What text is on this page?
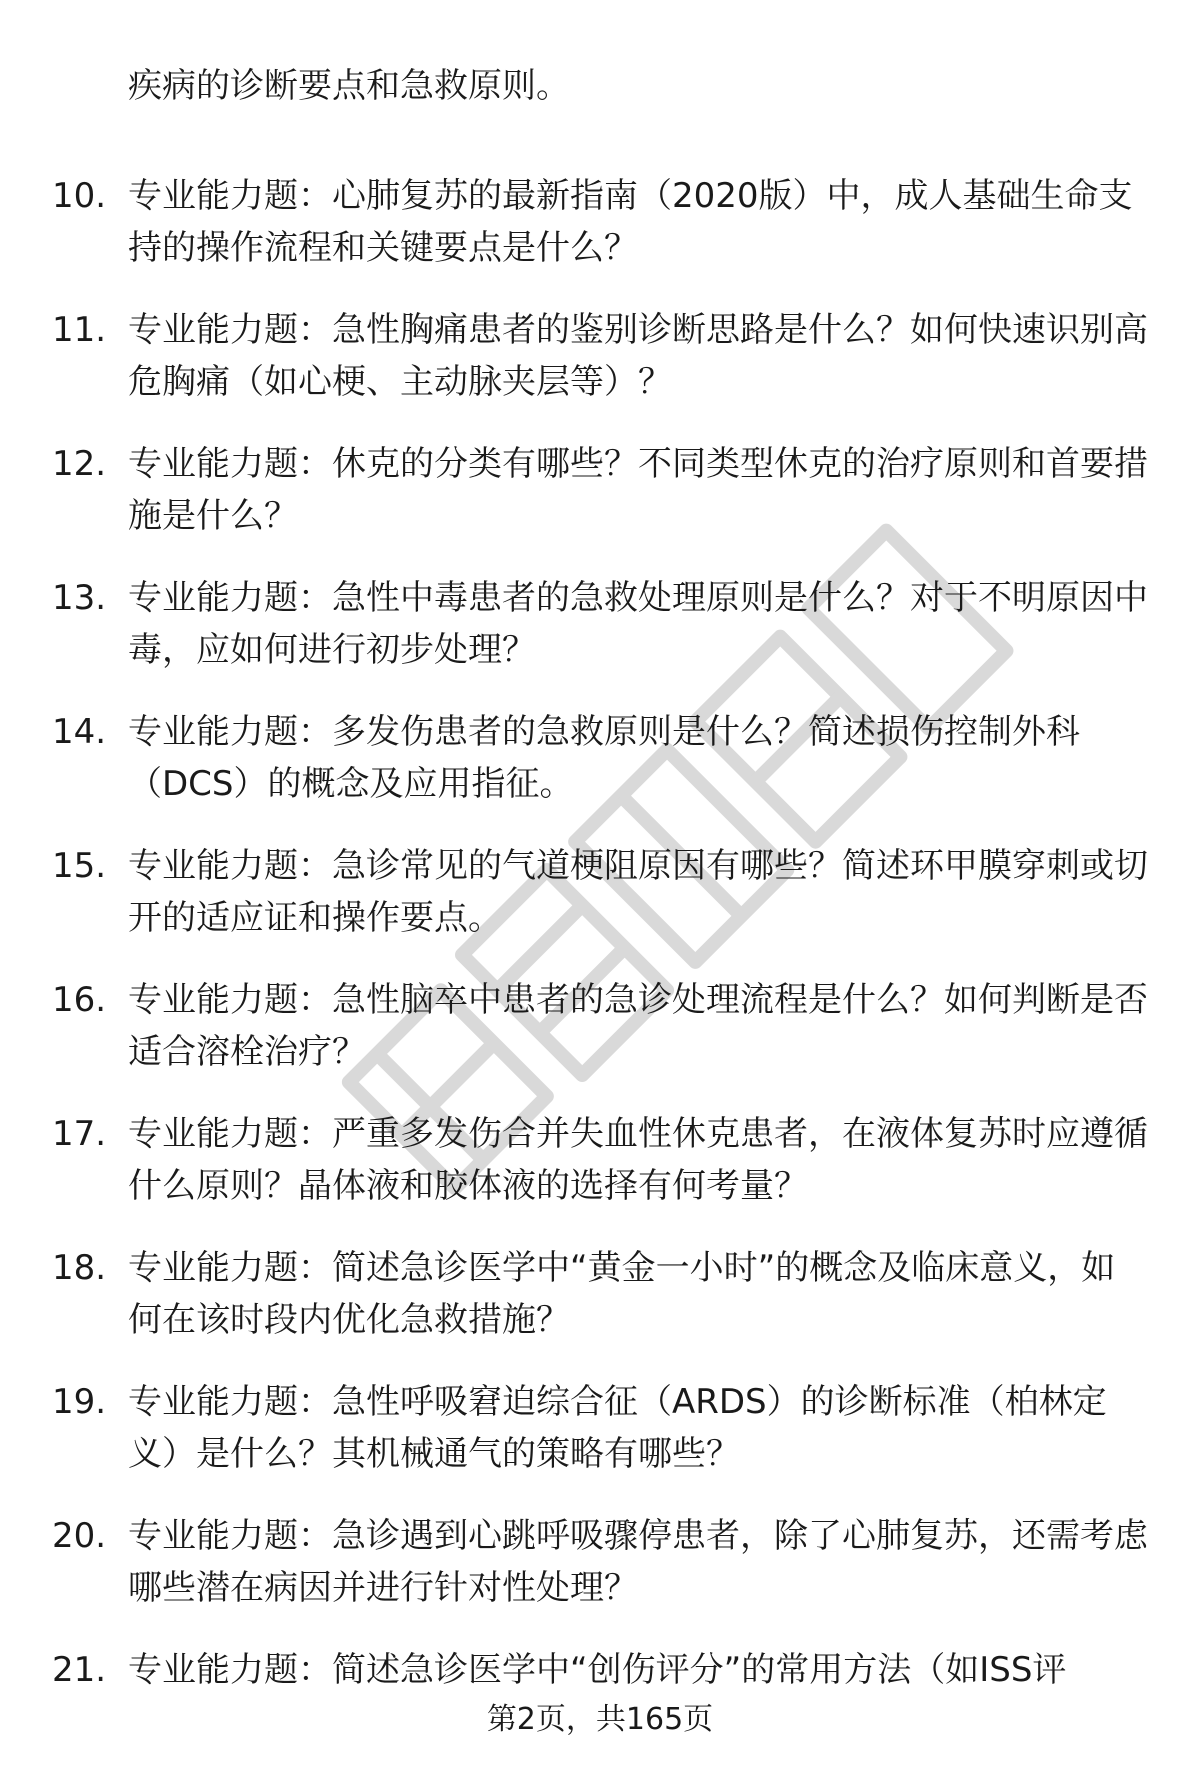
疾病的诊断要点和急救原则。

10. 专业能力题：心肺复苏的最新指南（2020版）中，成人基础生命支持的操作流程和关键要点是什么？
11. 专业能力题：急性胸痛患者的鉴别诊断思路是什么？如何快速识别高危胸痛（如心梗、主动脉夹层等）？
12. 专业能力题：休克的分类有哪些？不同类型休克的治疗原则和首要措施是什么？
13. 专业能力题：急性中毒患者的急救处理原则是什么？对于不明原因中毒，应如何进行初步处理？
14. 专业能力题：多发伤患者的急救原则是什么？简述损伤控制外科（DCS）的概念及应用指征。
15. 专业能力题：急诊常见的气道梗阻原因有哪些？简述环甲膜穿刺或切开的适应证和操作要点。
16. 专业能力题：急性脑卒中患者的急诊处理流程是什么？如何判断是否适合溶栓治疗？
17. 专业能力题：严重多发伤合并失血性休克患者，在液体复苏时应遵循什么原则？晶体液和胶体液的选择有何考量？
18. 专业能力题：简述急诊医学中“黄金一小时”的概念及临床意义，如何在该时段内优化急救措施？
19. 专业能力题：急性呼吸窘迫综合征（ARDS）的诊断标准（柏林定义）是什么？其机械通气的策略有哪些？
20. 专业能力题：急诊遇到心跳呼吸骤停患者，除了心肺复苏，还需考虑哪些潜在病因并进行针对性处理？
21. 专业能力题：简述急诊医学中“创伤评分”的常用方法（如ISS评
第2页，共165页
